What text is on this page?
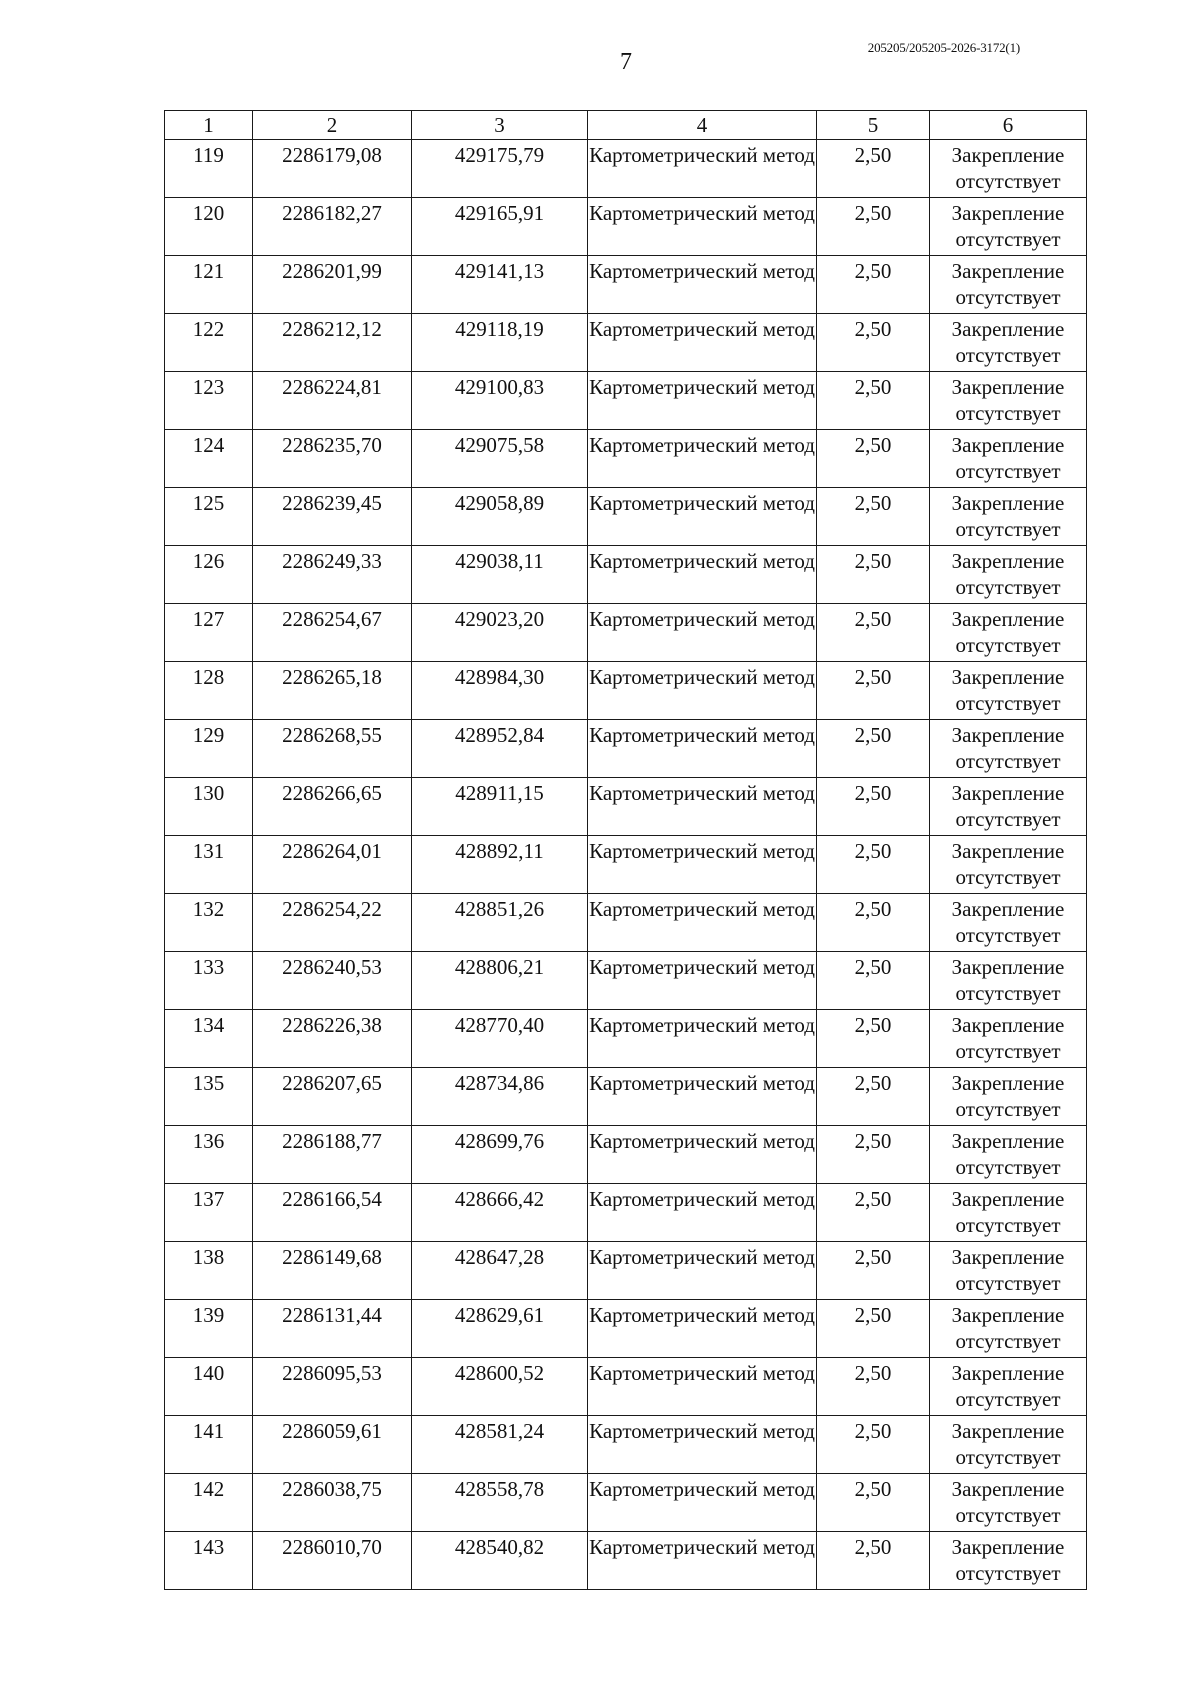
7
205205/205205-2026-3172(1)
1	2	3	4	5	6
119	2286179,08	429175,79	Картометрический метод	2,50	Закрепление отсутствует
120	2286182,27	429165,91	Картометрический метод	2,50	Закрепление отсутствует
121	2286201,99	429141,13	Картометрический метод	2,50	Закрепление отсутствует
122	2286212,12	429118,19	Картометрический метод	2,50	Закрепление отсутствует
123	2286224,81	429100,83	Картометрический метод	2,50	Закрепление отсутствует
124	2286235,70	429075,58	Картометрический метод	2,50	Закрепление отсутствует
125	2286239,45	429058,89	Картометрический метод	2,50	Закрепление отсутствует
126	2286249,33	429038,11	Картометрический метод	2,50	Закрепление отсутствует
127	2286254,67	429023,20	Картометрический метод	2,50	Закрепление отсутствует
128	2286265,18	428984,30	Картометрический метод	2,50	Закрепление отсутствует
129	2286268,55	428952,84	Картометрический метод	2,50	Закрепление отсутствует
130	2286266,65	428911,15	Картометрический метод	2,50	Закрепление отсутствует
131	2286264,01	428892,11	Картометрический метод	2,50	Закрепление отсутствует
132	2286254,22	428851,26	Картометрический метод	2,50	Закрепление отсутствует
133	2286240,53	428806,21	Картометрический метод	2,50	Закрепление отсутствует
134	2286226,38	428770,40	Картометрический метод	2,50	Закрепление отсутствует
135	2286207,65	428734,86	Картометрический метод	2,50	Закрепление отсутствует
136	2286188,77	428699,76	Картометрический метод	2,50	Закрепление отсутствует
137	2286166,54	428666,42	Картометрический метод	2,50	Закрепление отсутствует
138	2286149,68	428647,28	Картометрический метод	2,50	Закрепление отсутствует
139	2286131,44	428629,61	Картометрический метод	2,50	Закрепление отсутствует
140	2286095,53	428600,52	Картометрический метод	2,50	Закрепление отсутствует
141	2286059,61	428581,24	Картометрический метод	2,50	Закрепление отсутствует
142	2286038,75	428558,78	Картометрический метод	2,50	Закрепление отсутствует
143	2286010,70	428540,82	Картометрический метод	2,50	Закрепление отсутствует
